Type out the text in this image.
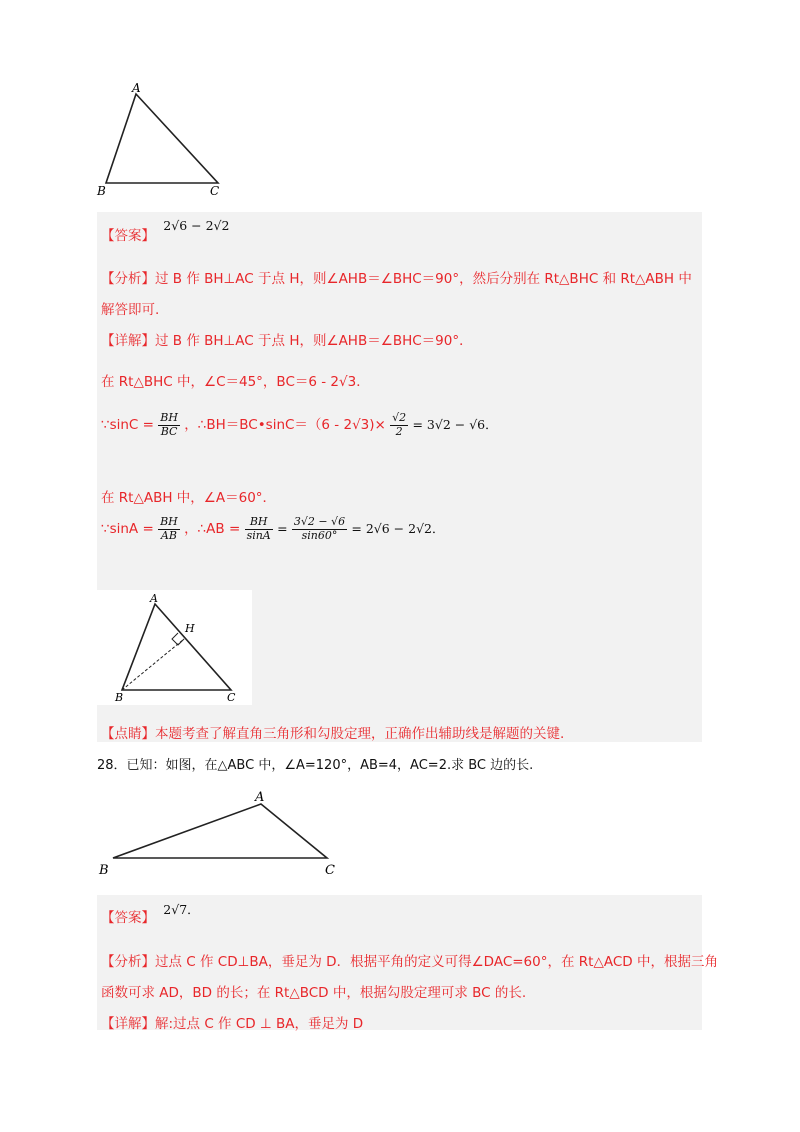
A
B	C
【答案】 2√6 − 2√2
【分析】过 B 作 BH⊥AC 于点 H，则∠AHB＝∠BHC＝90°，然后分别在 Rt△BHC 和 Rt△ABH 中
解答即可.
【详解】过 B 作 BH⊥AC 于点 H，则∠AHB＝∠BHC＝90°．
在 Rt△BHC 中，∠C＝45°，BC＝6 - 2√3．
∵sinC = $\frac{BH}{BC}$ ，∴BH＝BC•sinC＝（6 - $2√3)\times \frac{√2}{2} = 3√2 - √6$．
在 Rt△ABH 中，∠A＝60°．
∵sinA = $\frac{BH}{AB}$ ，∴AB = $\frac{BH}{\sin A} = \frac{3√2 - √6}{\sin 60^\circ} = 2√6 - 2√2$．
A
H
B	C
【点睛】本题考查了解直角三角形和勾股定理，正确作出辅助线是解题的关键.
28．已知：如图，在△ABC 中，∠A=120°，AB=4，AC=2.求 BC 边的长.
A
B	C
【答案】 2√7．
【分析】过点 C 作 CD⊥BA，垂足为 D．根据平角的定义可得∠DAC=60°，在 Rt△ACD 中，根据三角
函数可求 AD，BD 的长；在 Rt△BCD 中，根据勾股定理可求 BC 的长.
【详解】解:过点 C 作 CD ⊥ BA，垂足为 D
